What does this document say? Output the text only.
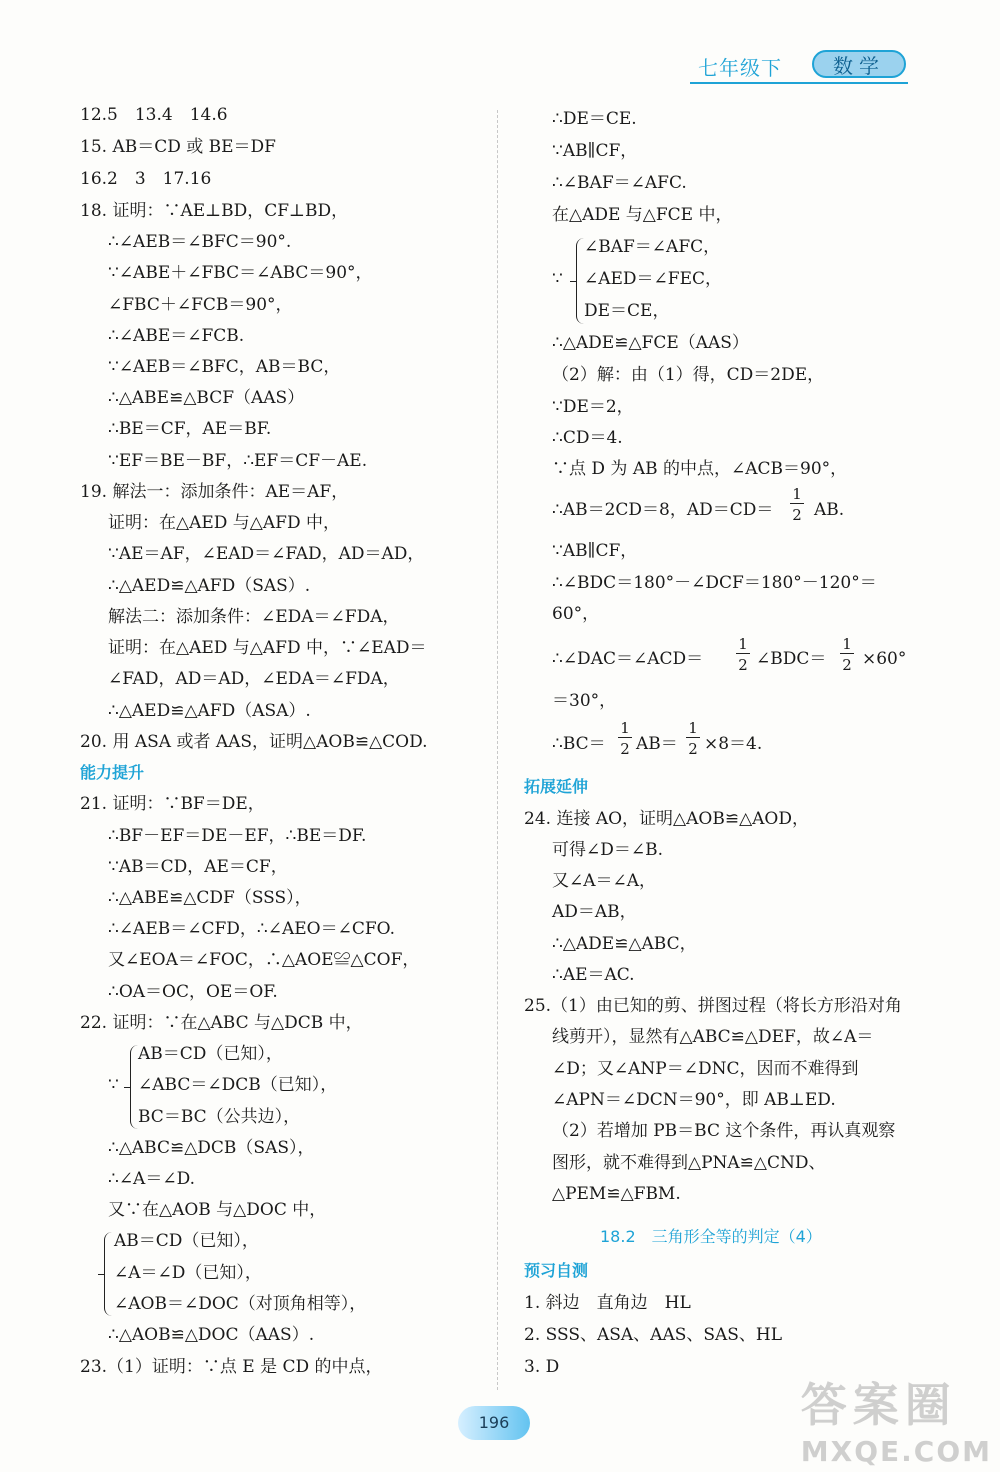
七年级下	数学
12.5　13.4　14.6
15. AB＝CD 或 BE＝DF
16.2　3　17.16
18. 证明：∵AE⊥BD，CF⊥BD，
∴∠AEB＝∠BFC＝90°.
∵∠ABE＋∠FBC＝∠ABC＝90°，
∠FBC＋∠FCB＝90°，
∴∠ABE＝∠FCB.
∵∠AEB＝∠BFC，AB＝BC，
∴△ABE≌△BCF（AAS）
∴BE＝CF，AE＝BF.
∵EF＝BE－BF，∴EF＝CF－AE.
19. 解法一：添加条件：AE＝AF，
证明：在△AED 与△AFD 中，
∵AE＝AF，∠EAD＝∠FAD，AD＝AD，
∴△AED≌△AFD（SAS）.
解法二：添加条件：∠EDA＝∠FDA，
证明：在△AED 与△AFD 中，∵∠EAD＝
∠FAD，AD＝AD，∠EDA＝∠FDA，
∴△AED≌△AFD（ASA）.
20. 用 ASA 或者 AAS，证明△AOB≌△COD.
能力提升
21. 证明：∵BF＝DE，
∴BF－EF＝DE－EF，∴BE＝DF.
∵AB＝CD，AE＝CF，
∴△ABE≌△CDF（SSS），
∴∠AEB＝∠CFD，∴∠AEO＝∠CFO.
又∠EOA＝∠FOC，∴△AOE≌△COF，
∴OA＝OC，OE＝OF.
22. 证明：∵在△ABC 与△DCB 中，
∵
AB＝CD（已知），
∠ABC＝∠DCB（已知），
BC＝BC（公共边），
∴△ABC≌△DCB（SAS），
∴∠A＝∠D.
又∵在△AOB 与△DOC 中，
AB＝CD（已知），
∠A＝∠D（已知），
∠AOB＝∠DOC（对顶角相等），
∴△AOB≌△DOC（AAS）.
23.（1）证明：∵点 E 是 CD 的中点，
∴DE＝CE.
∵AB∥CF，
∴∠BAF＝∠AFC.
在△ADE 与△FCE 中，
∵
∠BAF＝∠AFC，
∠AED＝∠FEC，
DE＝CE，
∴△ADE≌△FCE（AAS）
（2）解：由（1）得，CD＝2DE，
∵DE＝2，
∴CD＝4.
∵点 D 为 AB 的中点，∠ACB＝90°，
∴AB＝2CD＝8，AD＝CD＝
1
2 AB.
∵AB∥CF，
∴∠BDC＝180°－∠DCF＝180°－120°＝
60°，
∴∠DAC＝∠ACD＝
1
2 ∠BDC＝
1
2 ×60°
＝30°，
∴BC＝
1
2 AB＝
1
2 ×8＝4.
拓展延伸
24. 连接 AO，证明△AOB≌△AOD，
可得∠D＝∠B.
又∠A＝∠A，
AD＝AB，
∴△ADE≌△ABC，
∴AE＝AC.
25.（1）由已知的剪、拼图过程（将长方形沿对角
线剪开），显然有△ABC≌△DEF，故∠A＝
∠D；又∠ANP＝∠DNC，因而不难得到
∠APN＝∠DCN＝90°，即 AB⊥ED.
（2）若增加 PB＝BC 这个条件，再认真观察
图形，就不难得到△PNA≌△CND、
△PEM≌△FBM.
18.2　三角形全等的判定（4）
预习自测
1. 斜边　直角边　HL
2. SSS、ASA、AAS、SAS、HL
3. D
196	答案圈
MXQE.COM
